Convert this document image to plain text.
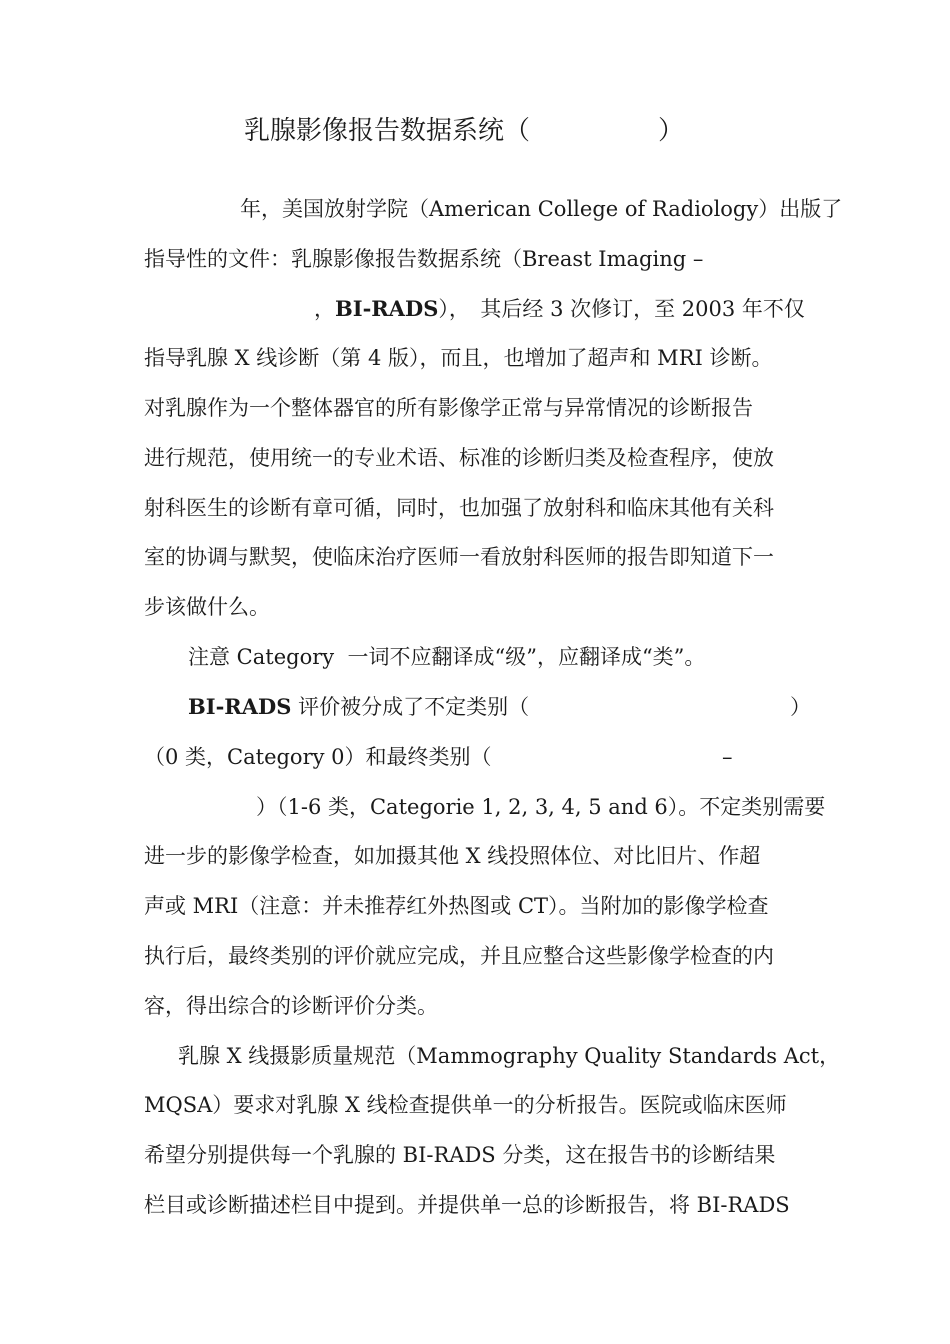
乳腺影像报告数据系统（	）
年，美国放射学院（American College of Radiology）出版了
指导性的文件：乳腺影像报告数据系统（Breast Imaging –
，BI-RADS），　其后经 3 次修订，至 2003 年不仅
指导乳腺 X 线诊断（第 4 版），而且，也增加了超声和 MRI 诊断。
对乳腺作为一个整体器官的所有影像学正常与异常情况的诊断报告
进行规范，使用统一的专业术语、标准的诊断归类及检查程序，使放
射科医生的诊断有章可循，同时，也加强了放射科和临床其他有关科
室的协调与默契，使临床治疗医师一看放射科医师的报告即知道下一
步该做什么。
注意 Category  一词不应翻译成“级”，应翻译成“类”。
BI-RADS 评价被分成了不定类别（	）
（0 类，Category 0）和最终类别（	–
）（1-6 类，Categorie 1, 2, 3, 4, 5 and 6）。不定类别需要
进一步的影像学检查，如加摄其他 X 线投照体位、对比旧片、作超
声或 MRI（注意：并未推荐红外热图或 CT）。当附加的影像学检查
执行后，最终类别的评价就应完成，并且应整合这些影像学检查的内
容，得出综合的诊断评价分类。
乳腺 X 线摄影质量规范（Mammography Quality Standards Act，
MQSA）要求对乳腺 X 线检查提供单一的分析报告。医院或临床医师
希望分别提供每一个乳腺的 BI-RADS 分类，这在报告书的诊断结果
栏目或诊断描述栏目中提到。并提供单一总的诊断报告，将 BI-RADS
